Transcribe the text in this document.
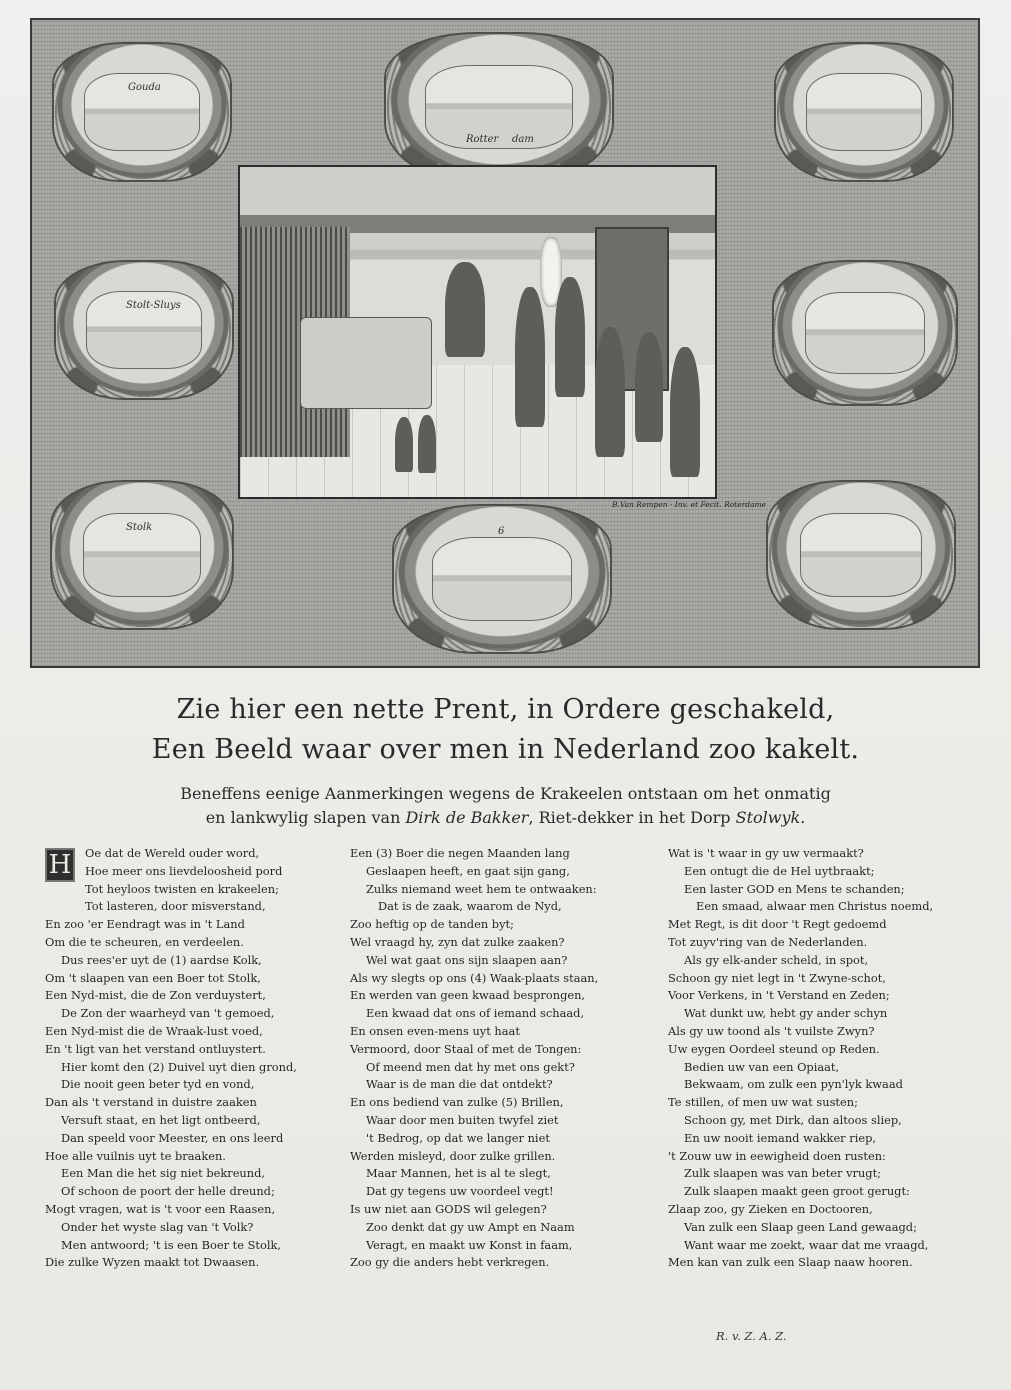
Gouda
Rotter dam
Stolt-Sluys
Stolk	6
B.Van Rempen · Inv. et Fecit. Roterdame
Zie hier een nette Prent, in Ordere geschakeld,
Een Beeld waar over men in Nederland zoo kakelt.
Beneffens eenige Aanmerkingen wegens de Krakeelen ontstaan om het onmatig
en lankwylig slapen van Dirk de Bakker, Riet-dekker in het Dorp Stolwyk.
H	Oe dat de Wereld ouder word,
Hoe meer ons lievdeloosheid pord
Tot heyloos twisten en krakeelen;
Tot lasteren, door misverstand,
En zoo 'er Eendragt was in 't Land
Om die te scheuren, en verdeelen.
Dus rees'er uyt de (1) aardse Kolk,
Om 't slaapen van een Boer tot Stolk,
Een Nyd-mist, die de Zon verduystert,
De Zon der waarheyd van 't gemoed,
Een Nyd-mist die de Wraak-lust voed,
En 't ligt van het verstand ontluystert.
Hier komt den (2) Duivel uyt dien grond,
Die nooit geen beter tyd en vond,
Dan als 't verstand in duistre zaaken
Versuft staat, en het ligt ontbeerd,
Dan speeld voor Meester, en ons leerd
Hoe alle vuilnis uyt te braaken.
Een Man die het sig niet bekreund,
Of schoon de poort der helle dreund;
Mogt vragen, wat is 't voor een Raasen,
Onder het wyste slag van 't Volk?
Men antwoord; 't is een Boer te Stolk,
Die zulke Wyzen maakt tot Dwaasen.
Een (3) Boer die negen Maanden lang
Geslaapen heeft, en gaat sijn gang,
Zulks niemand weet hem te ontwaaken:
Dat is de zaak, waarom de Nyd,
Zoo heftig op de tanden byt;
Wel vraagd hy, zyn dat zulke zaaken?
Wel wat gaat ons sijn slaapen aan?
Als wy slegts op ons (4) Waak-plaats staan,
En werden van geen kwaad besprongen,
Een kwaad dat ons of iemand schaad,
En onsen even-mens uyt haat
Vermoord, door Staal of met de Tongen:
Of meend men dat hy met ons gekt?
Waar is de man die dat ontdekt?
En ons bediend van zulke (5) Brillen,
Waar door men buiten twyfel ziet
't Bedrog, op dat we langer niet
Werden misleyd, door zulke grillen.
Maar Mannen, het is al te slegt,
Dat gy tegens uw voordeel vegt!
Is uw niet aan GODS wil gelegen?
Zoo denkt dat gy uw Ampt en Naam
Veragt, en maakt uw Konst in faam,
Zoo gy die anders hebt verkregen.
Wat is 't waar in gy uw vermaakt?
Een ontugt die de Hel uytbraakt;
Een laster GOD en Mens te schanden;
Een smaad, alwaar men Christus noemd,
Met Regt, is dit door 't Regt gedoemd
Tot zuyv'ring van de Nederlanden.
Als gy elk-ander scheld, in spot,
Schoon gy niet legt in 't Zwyne-schot,
Voor Verkens, in 't Verstand en Zeden;
Wat dunkt uw, hebt gy ander schyn
Als gy uw toond als 't vuilste Zwyn?
Uw eygen Oordeel steund op Reden.
Bedien uw van een Opiaat,
Bekwaam, om zulk een pyn'lyk kwaad
Te stillen, of men uw wat susten;
Schoon gy, met Dirk, dan altoos sliep,
En uw nooit iemand wakker riep,
't Zouw uw in eewigheid doen rusten:
Zulk slaapen was van beter vrugt;
Zulk slaapen maakt geen groot gerugt:
Zlaap zoo, gy Zieken en Doctooren,
Van zulk een Slaap geen Land gewaagd;
Want waar me zoekt, waar dat me vraagd,
Men kan van zulk een Slaap naaw hooren.
R. v. Z. A. Z.
